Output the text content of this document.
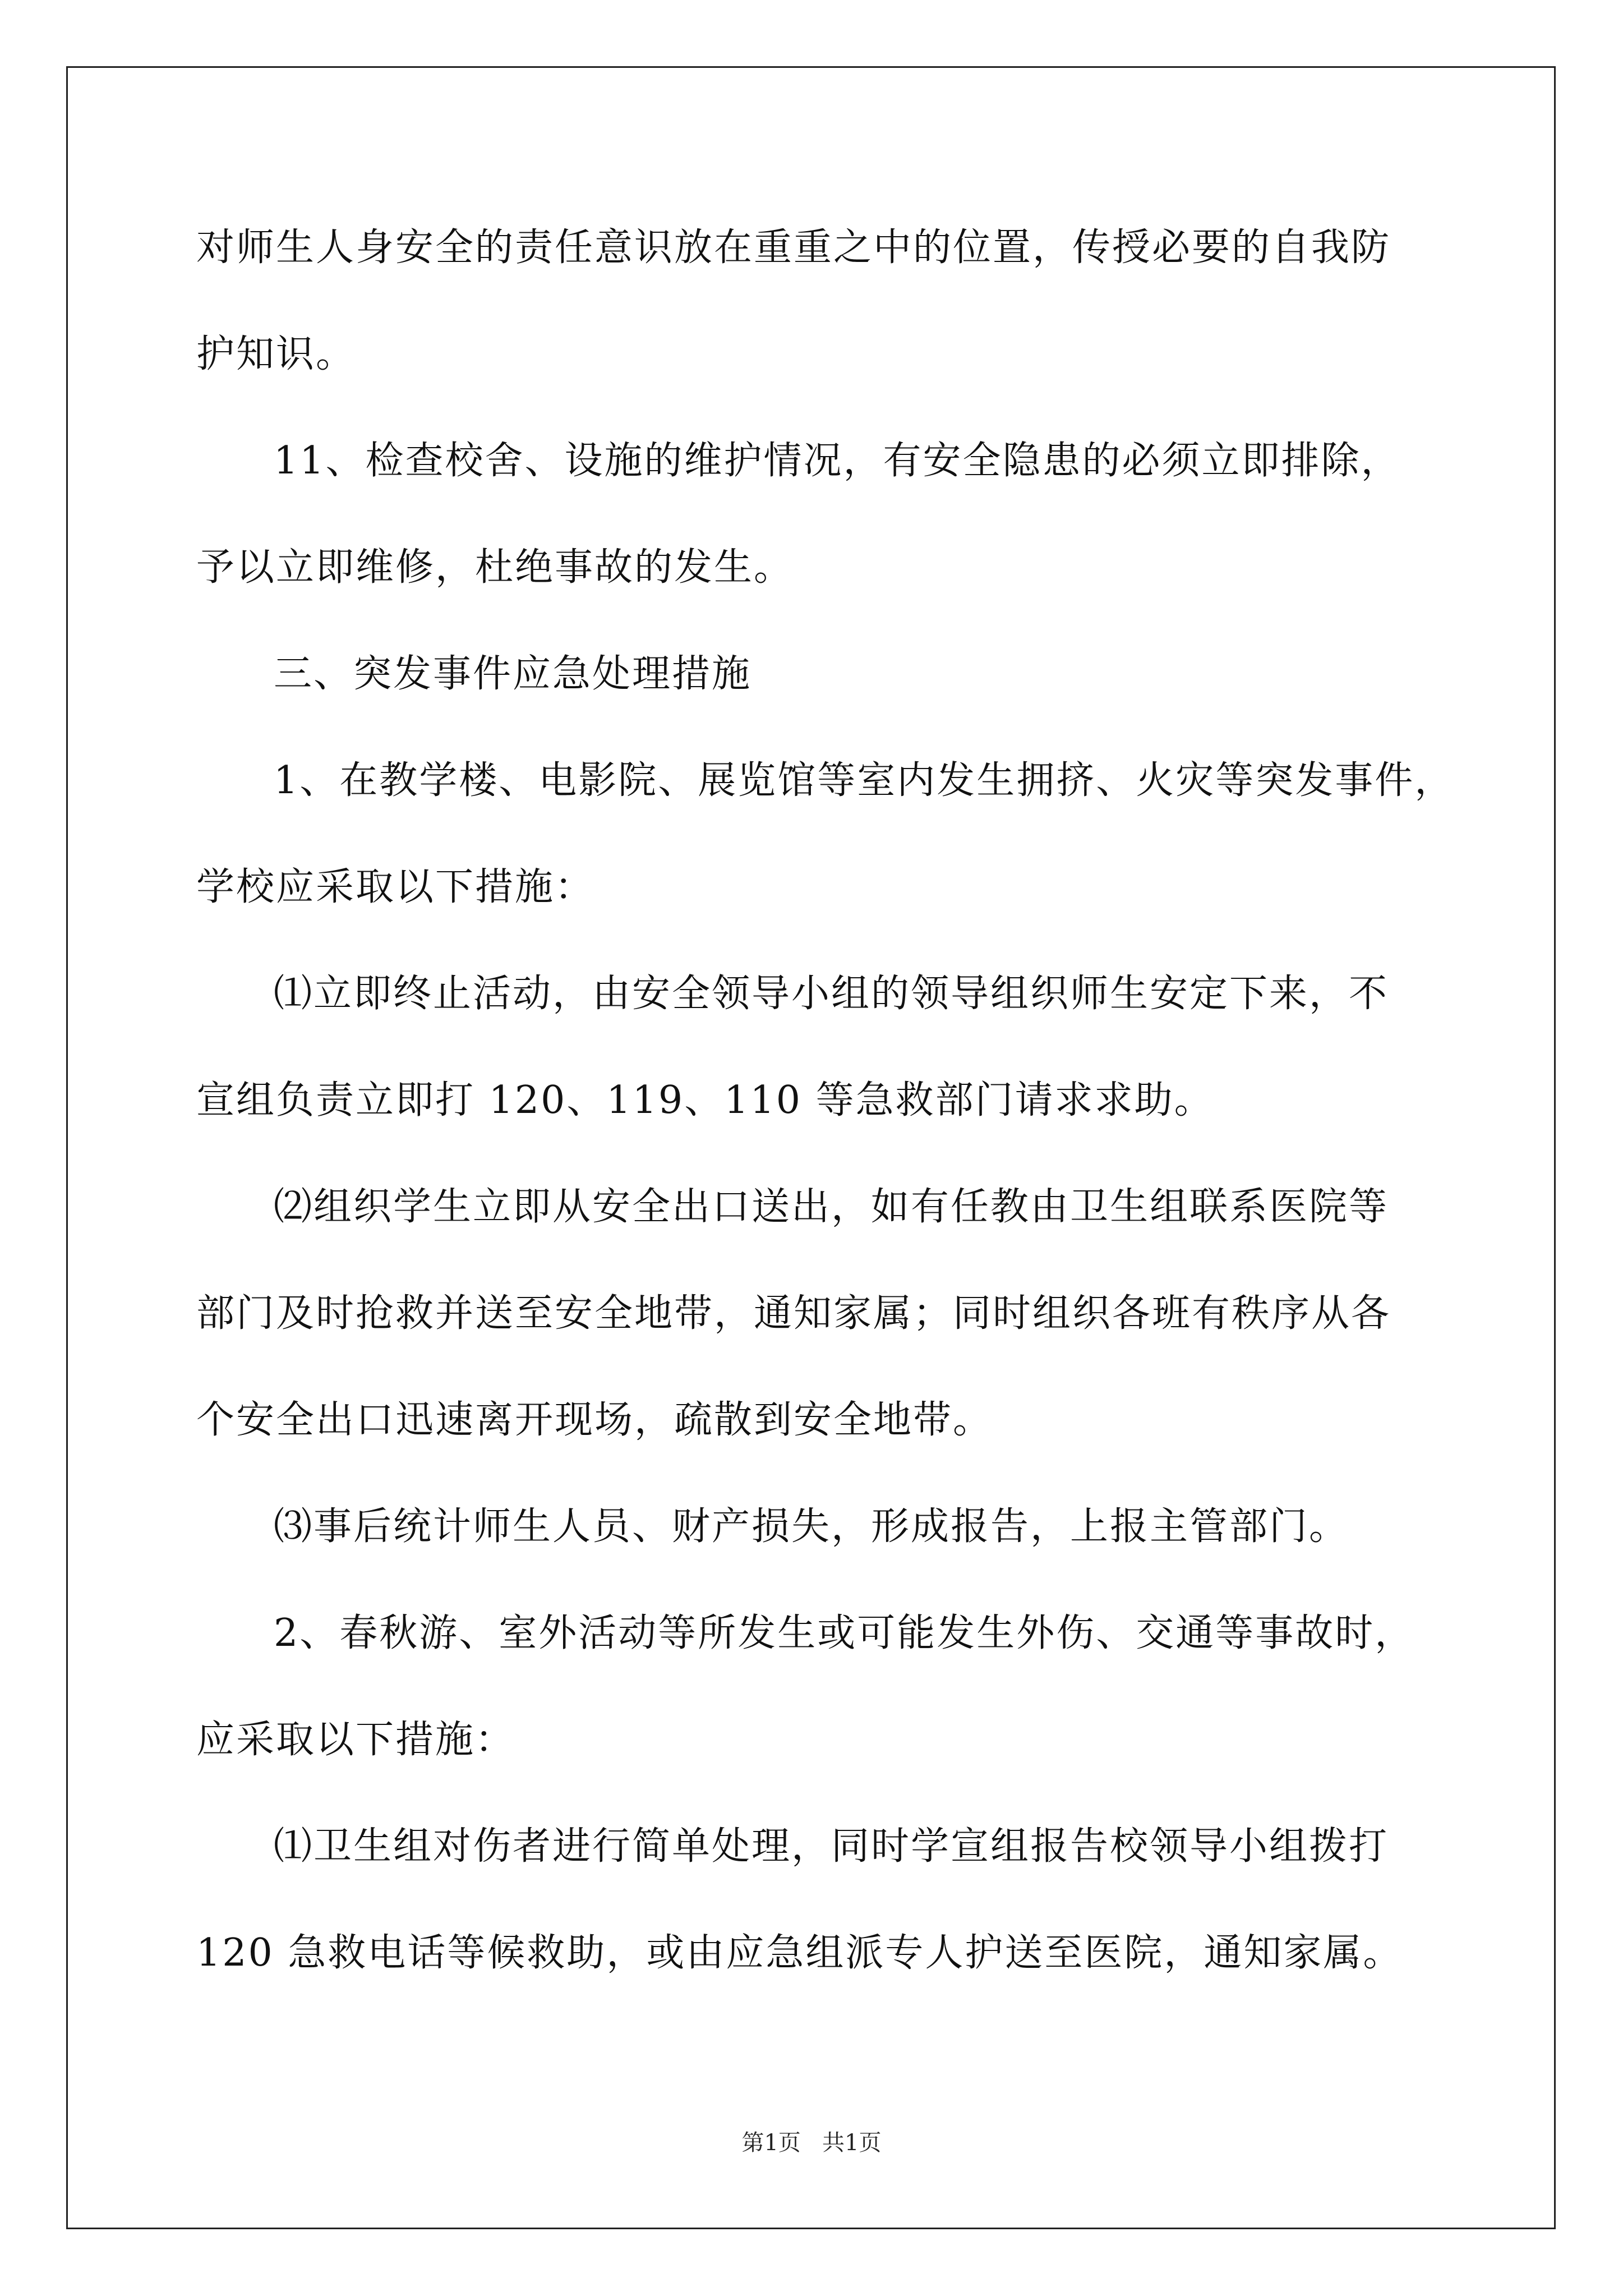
对师生人身安全的责任意识放在重重之中的位置，传授必要的自我防
护知识。
11、检查校舍、设施的维护情况，有安全隐患的必须立即排除，
予以立即维修，杜绝事故的发生。
三、突发事件应急处理措施
1、在教学楼、电影院、展览馆等室内发生拥挤、火灾等突发事件，
学校应采取以下措施：
⑴立即终止活动，由安全领导小组的领导组织师生安定下来，不
宣组负责立即打 120、119、110 等急救部门请求求助。
⑵组织学生立即从安全出口送出，如有任教由卫生组联系医院等
部门及时抢救并送至安全地带，通知家属；同时组织各班有秩序从各
个安全出口迅速离开现场，疏散到安全地带。
⑶事后统计师生人员、财产损失，形成报告，上报主管部门。
2、春秋游、室外活动等所发生或可能发生外伤、交通等事故时，
应采取以下措施：
⑴卫生组对伤者进行简单处理，同时学宣组报告校领导小组拨打
120 急救电话等候救助，或由应急组派专人护送至医院，通知家属。
第1页   共1页
